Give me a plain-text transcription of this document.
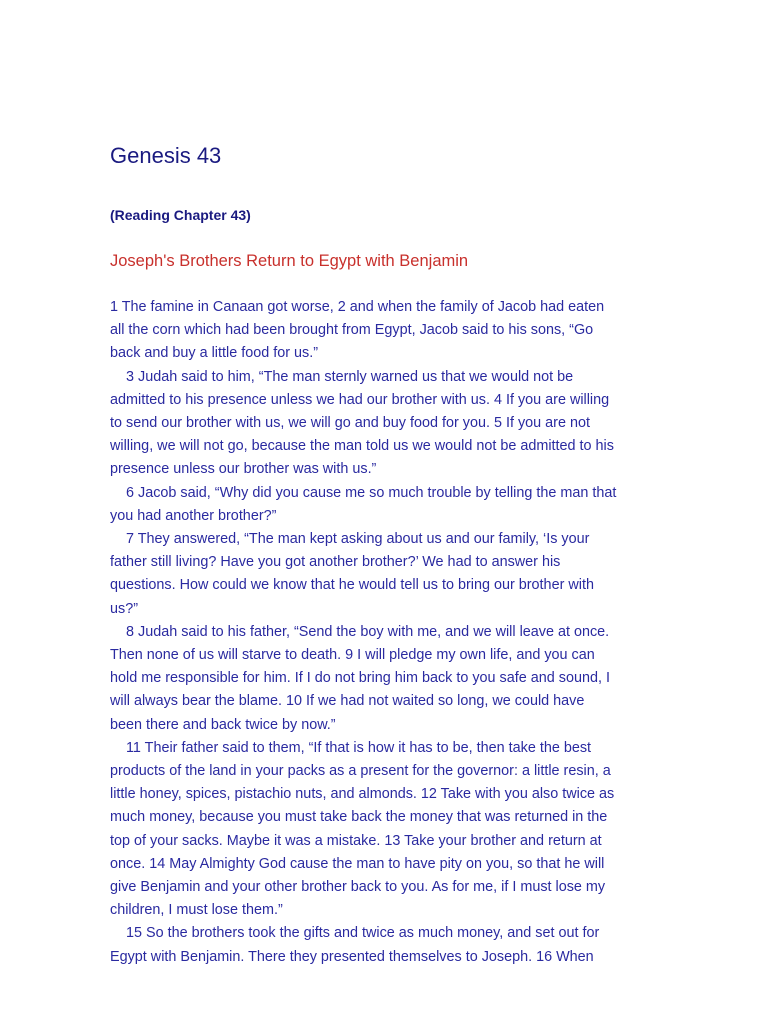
Genesis 43
(Reading Chapter 43)
Joseph's Brothers Return to Egypt with Benjamin

1 The famine in Canaan got worse, 2 and when the family of Jacob had eaten
all the corn which had been brought from Egypt, Jacob said to his sons, “Go
back and buy a little food for us.”

3 Judah said to him, “The man sternly warned us that we would not be
admitted to his presence unless we had our brother with us. 4 If you are willing
to send our brother with us, we will go and buy food for you. 5 If you are not
willing, we will not go, because the man told us we would not be admitted to his
presence unless our brother was with us.”

6 Jacob said, “Why did you cause me so much trouble by telling the man that
you had another brother?”

7 They answered, “The man kept asking about us and our family, ‘Is your
father still living? Have you got another brother?’ We had to answer his
questions. How could we know that he would tell us to bring our brother with
us?”

8 Judah said to his father, “Send the boy with me, and we will leave at once.
Then none of us will starve to death. 9 I will pledge my own life, and you can
hold me responsible for him. If I do not bring him back to you safe and sound, I
will always bear the blame. 10 If we had not waited so long, we could have
been there and back twice by now.”

11 Their father said to them, “If that is how it has to be, then take the best
products of the land in your packs as a present for the governor: a little resin, a
little honey, spices, pistachio nuts, and almonds. 12 Take with you also twice as
much money, because you must take back the money that was returned in the
top of your sacks. Maybe it was a mistake. 13 Take your brother and return at
once. 14 May Almighty God cause the man to have pity on you, so that he will
give Benjamin and your other brother back to you. As for me, if I must lose my
children, I must lose them.”

15 So the brothers took the gifts and twice as much money, and set out for
Egypt with Benjamin. There they presented themselves to Joseph. 16 When
